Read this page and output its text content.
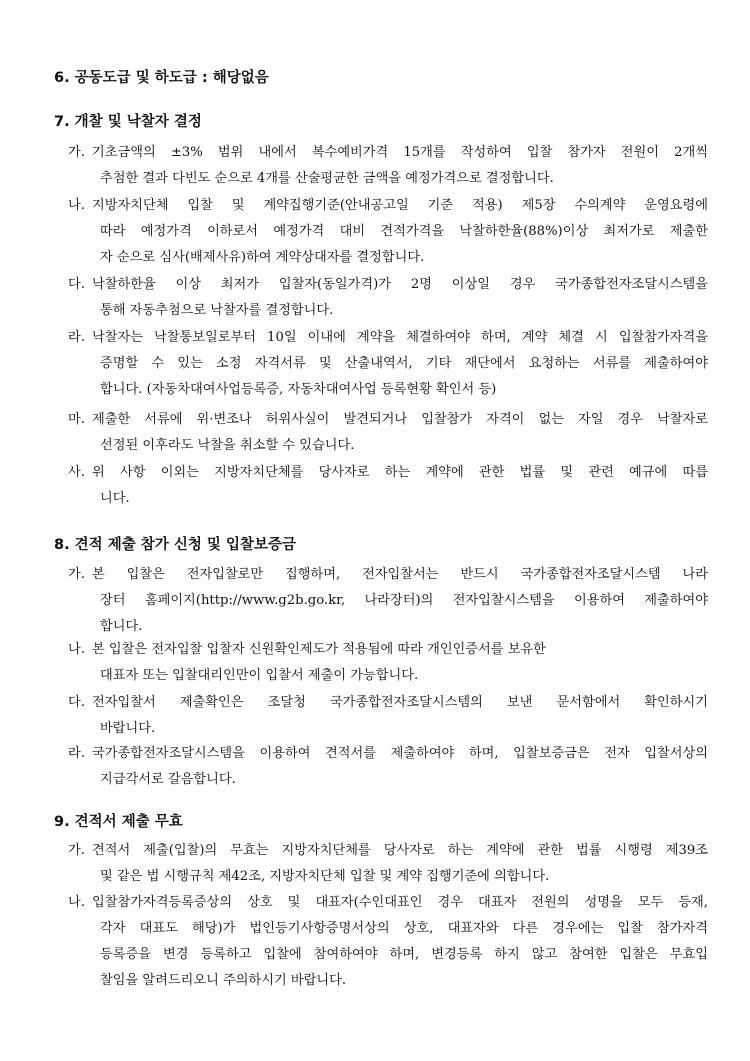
6. 공동도급 및 하도급 : 해당없음
7. 개찰 및 낙찰자 결정
가. 기초금액의 ±3% 범위 내에서 복수예비가격 15개를 작성하여 입찰 참가자 전원이 2개씩
추첨한 결과 다빈도 순으로 4개를 산술평균한 금액을 예정가격으로 결정합니다.
나. 지방자치단체 입찰 및 계약집행기준(안내공고일 기준 적용) 제5장 수의계약 운영요령에
따라 예정가격 이하로서 예정가격 대비 견적가격을 낙찰하한율(88%)이상 최저가로 제출한
자 순으로 심사(배제사유)하여 계약상대자를 결정합니다.
다. 낙찰하한율 이상 최저가 입찰자(동일가격)가 2명 이상일 경우 국가종합전자조달시스템을
통해 자동추첨으로 낙찰자를 결정합니다.
라. 낙찰자는 낙찰통보일로부터 10일 이내에 계약을 체결하여야 하며, 계약 체결 시 입찰참가자격을
증명할 수 있는 소정 자격서류 및 산출내역서, 기타 재단에서 요청하는 서류를 제출하여야
합니다. (자동차대여사업등록증, 자동차대여사업 등록현황 확인서 등)
마. 제출한 서류에 위·변조나 허위사실이 발견되거나 입찰참가 자격이 없는 자일 경우 낙찰자로
선정된 이후라도 낙찰을 취소할 수 있습니다.
사. 위 사항 이외는 지방자치단체를 당사자로 하는 계약에 관한 법률 및 관련 예규에 따릅
니다.
8. 견적 제출 참가 신청 및 입찰보증금
가. 본 입찰은 전자입찰로만 집행하며, 전자입찰서는 반드시 국가종합전자조달시스템 나라
장터 홈페이지(http://www.g2b.go.kr, 나라장터)의 전자입찰시스템을 이용하여 제출하여야
합니다.
나. 본 입찰은 전자입찰 입찰자 신원확인제도가 적용됨에 따라 개인인증서를 보유한
대표자 또는 입찰대리인만이 입찰서 제출이 가능합니다.
다. 전자입찰서 제출확인은 조달청 국가종합전자조달시스템의 보낸 문서함에서 확인하시기
바랍니다.
라. 국가종합전자조달시스템을 이용하여 견적서를 제출하여야 하며, 입찰보증금은 전자 입찰서상의
지급각서로 갈음합니다.
9. 견적서 제출 무효
가. 견적서 제출(입찰)의 무효는 지방자치단체를 당사자로 하는 계약에 관한 법률 시행령 제39조
및 같은 법 시행규칙 제42조, 지방자치단체 입찰 및 계약 집행기준에 의합니다.
나. 입찰참가자격등록증상의 상호 및 대표자(수인대표인 경우 대표자 전원의 성명을 모두 등재,
각자 대표도 해당)가 법인등기사항증명서상의 상호, 대표자와 다른 경우에는 입찰 참가자격
등록증을 변경 등록하고 입찰에 참여하여야 하며, 변경등록 하지 않고 참여한 입찰은 무효입
찰임을 알려드리오니 주의하시기 바랍니다.
